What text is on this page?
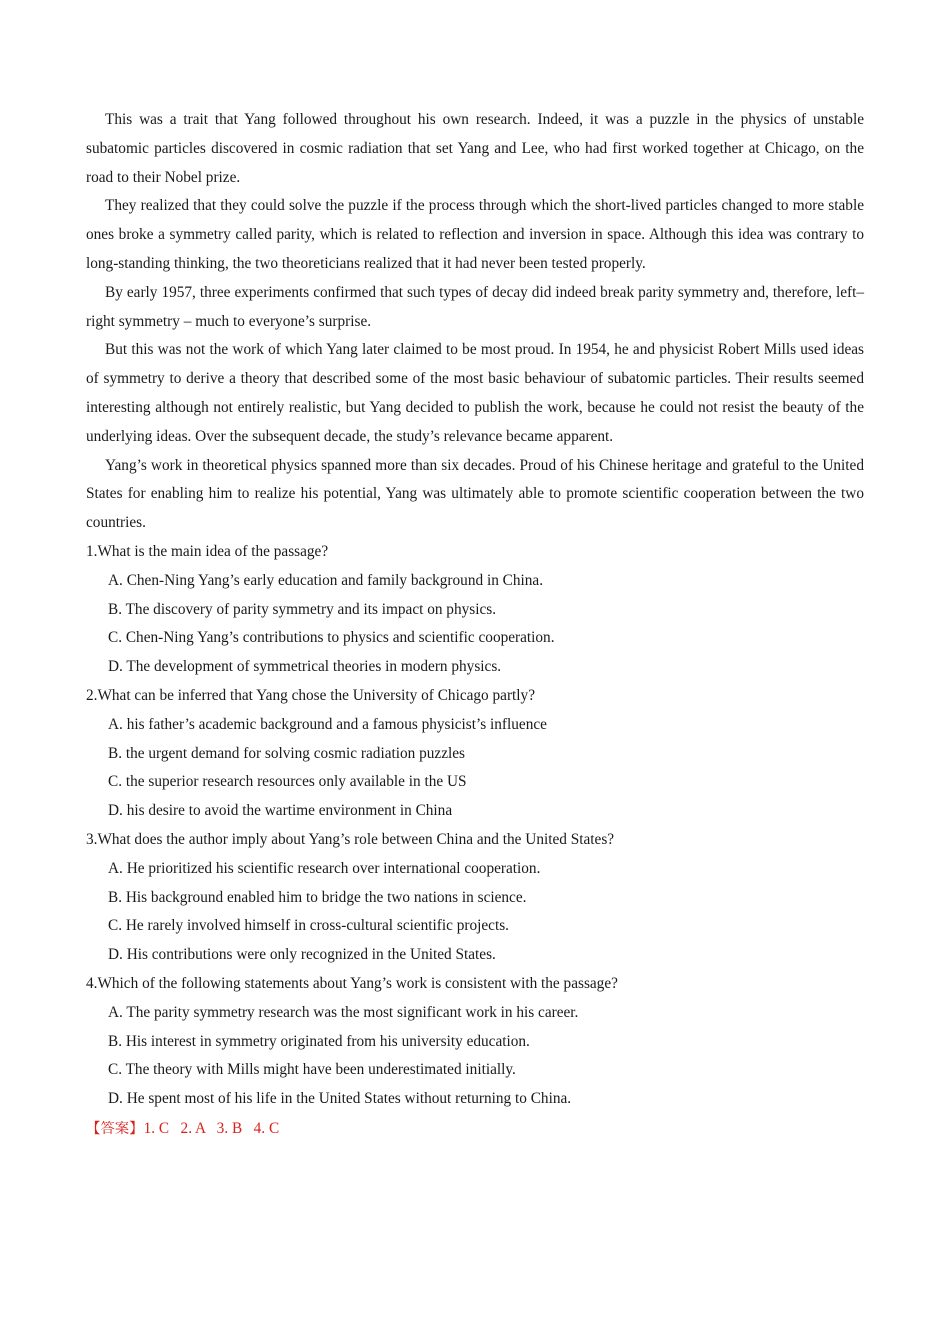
This was a trait that Yang followed throughout his own research. Indeed, it was a puzzle in the physics of unstable subatomic particles discovered in cosmic radiation that set Yang and Lee, who had first worked together at Chicago, on the road to their Nobel prize.

They realized that they could solve the puzzle if the process through which the short-lived particles changed to more stable ones broke a symmetry called parity, which is related to reflection and inversion in space. Although this idea was contrary to long-standing thinking, the two theoreticians realized that it had never been tested properly.

By early 1957, three experiments confirmed that such types of decay did indeed break parity symmetry and, therefore, left–right symmetry – much to everyone’s surprise.

But this was not the work of which Yang later claimed to be most proud. In 1954, he and physicist Robert Mills used ideas of symmetry to derive a theory that described some of the most basic behaviour of subatomic particles. Their results seemed interesting although not entirely realistic, but Yang decided to publish the work, because he could not resist the beauty of the underlying ideas. Over the subsequent decade, the study’s relevance became apparent.

Yang’s work in theoretical physics spanned more than six decades. Proud of his Chinese heritage and grateful to the United States for enabling him to realize his potential, Yang was ultimately able to promote scientific cooperation between the two countries.

1.What is the main idea of the passage?

A. Chen-Ning Yang’s early education and family background in China.

B. The discovery of parity symmetry and its impact on physics.

C. Chen-Ning Yang’s contributions to physics and scientific cooperation.

D. The development of symmetrical theories in modern physics.

2.What can be inferred that Yang chose the University of Chicago partly?

A. his father’s academic background and a famous physicist’s influence

B. the urgent demand for solving cosmic radiation puzzles

C. the superior research resources only available in the US

D. his desire to avoid the wartime environment in China

3.What does the author imply about Yang’s role between China and the United States?

A. He prioritized his scientific research over international cooperation.

B. His background enabled him to bridge the two nations in science.

C. He rarely involved himself in cross-cultural scientific projects.

D. His contributions were only recognized in the United States.

4.Which of the following statements about Yang’s work is consistent with the passage?

A. The parity symmetry research was the most significant work in his career.

B. His interest in symmetry originated from his university education.

C. The theory with Mills might have been underestimated initially.

D. He spent most of his life in the United States without returning to China.

【答案】1. C   2. A   3. B   4. C
